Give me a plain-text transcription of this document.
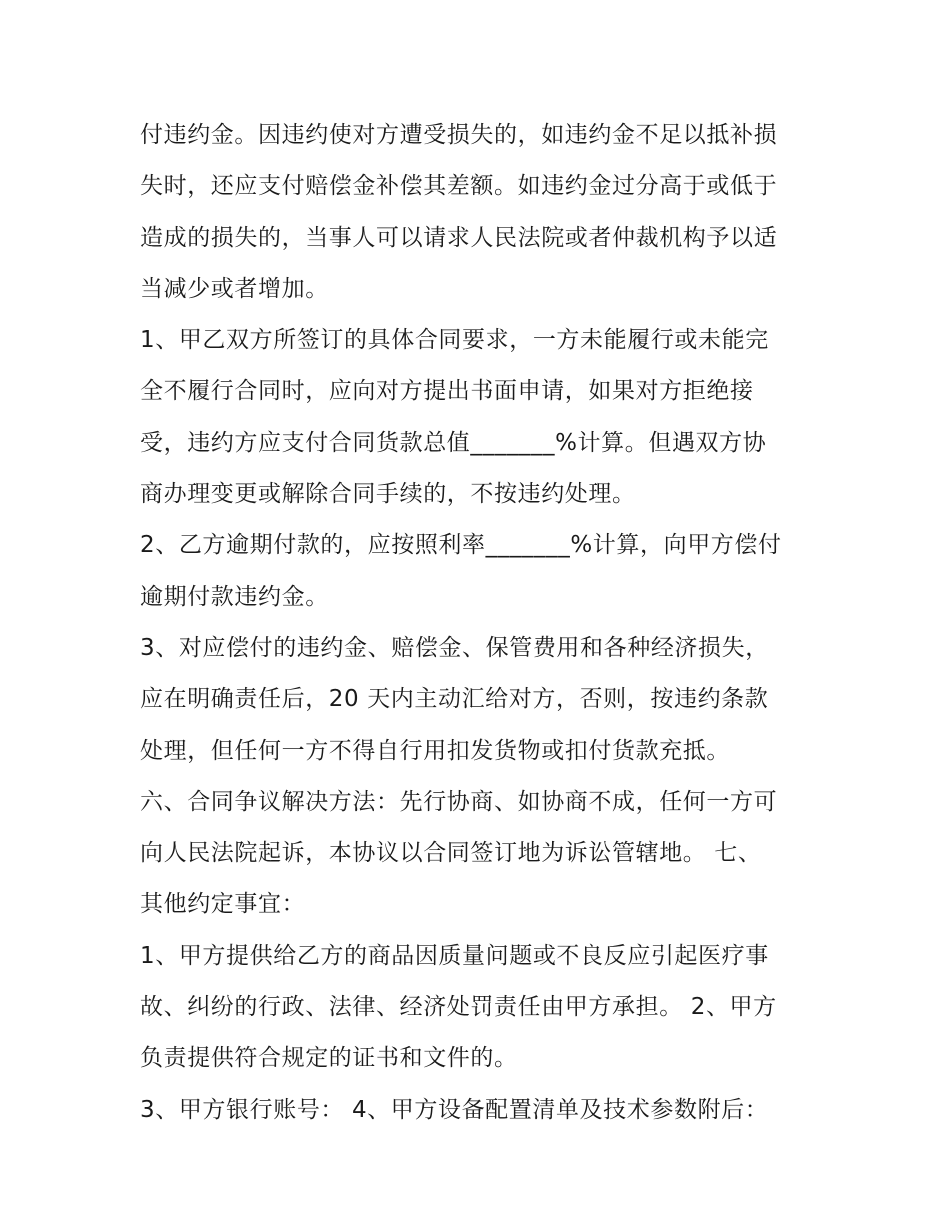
付违约金。因违约使对方遭受损失的，如违约金不足以抵补损

失时，还应支付赔偿金补偿其差额。如违约金过分高于或低于

造成的损失的，当事人可以请求人民法院或者仲裁机构予以适

当减少或者增加。

1、甲乙双方所签订的具体合同要求，一方未能履行或未能完

全不履行合同时，应向对方提出书面申请，如果对方拒绝接

受，违约方应支付合同货款总值_______%计算。但遇双方协

商办理变更或解除合同手续的，不按违约处理。

2、乙方逾期付款的，应按照利率_______%计算，向甲方偿付

逾期付款违约金。

3、对应偿付的违约金、赔偿金、保管费用和各种经济损失，

应在明确责任后，20 天内主动汇给对方，否则，按违约条款

处理，但任何一方不得自行用扣发货物或扣付货款充抵。

六、合同争议解决方法：先行协商、如协商不成，任何一方可

向人民法院起诉，本协议以合同签订地为诉讼管辖地。 七、

其他约定事宜：

1、甲方提供给乙方的商品因质量问题或不良反应引起医疗事

故、纠纷的行政、法律、经济处罚责任由甲方承担。 2、甲方

负责提供符合规定的证书和文件的。

3、甲方银行账号： 4、甲方设备配置清单及技术参数附后：
